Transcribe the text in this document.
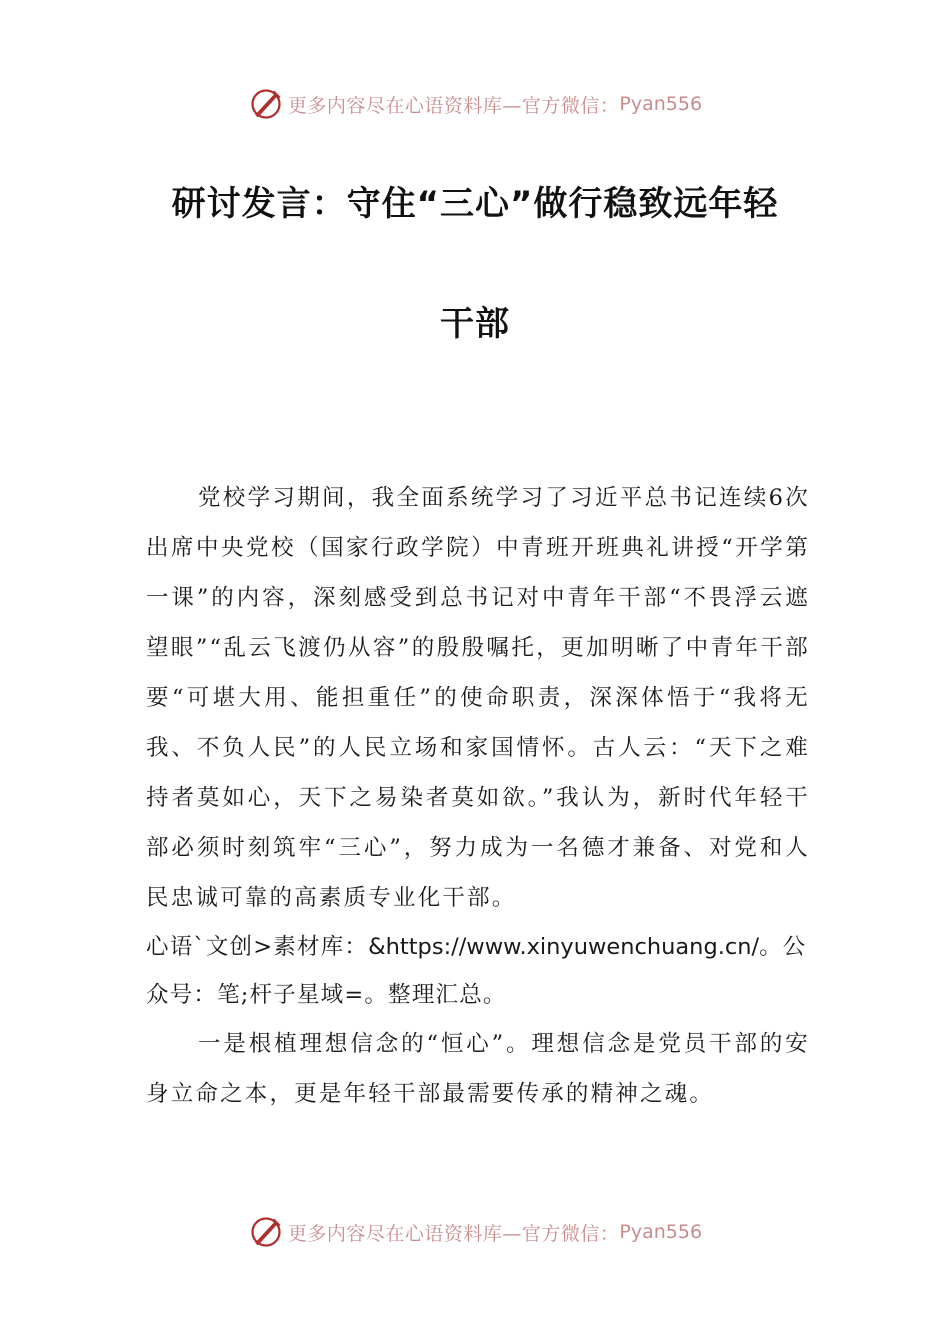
更多内容尽在心语资料库—官方微信： Pyan556
研讨发言：守住“三心”做行稳致远年轻
干部

党校学习期间，我全面系统学习了习近平总书记连续6次出席中央党校（国家行政学院）中青班开班典礼讲授“开学第一课”的内容，深刻感受到总书记对中青年干部“不畏浮云遮望眼”“乱云飞渡仍从容”的殷殷嘱托，更加明晰了中青年干部要“可堪大用、能担重任”的使命职责，深深体悟于“我将无我、不负人民”的人民立场和家国情怀。古人云：“天下之难持者莫如心，天下之易染者莫如欲。”我认为，新时代年轻干部必须时刻筑牢“三心”，努力成为一名德才兼备、对党和人民忠诚可靠的高素质专业化干部。

心语`文创>素材库：&https://www.xinyuwenchuang.cn/。公众号：笔;杆子星域=。整理汇总。

一是根植理想信念的“恒心”。理想信念是党员干部的安身立命之本，更是年轻干部最需要传承的精神之魂。

更多内容尽在心语资料库—官方微信： Pyan556
